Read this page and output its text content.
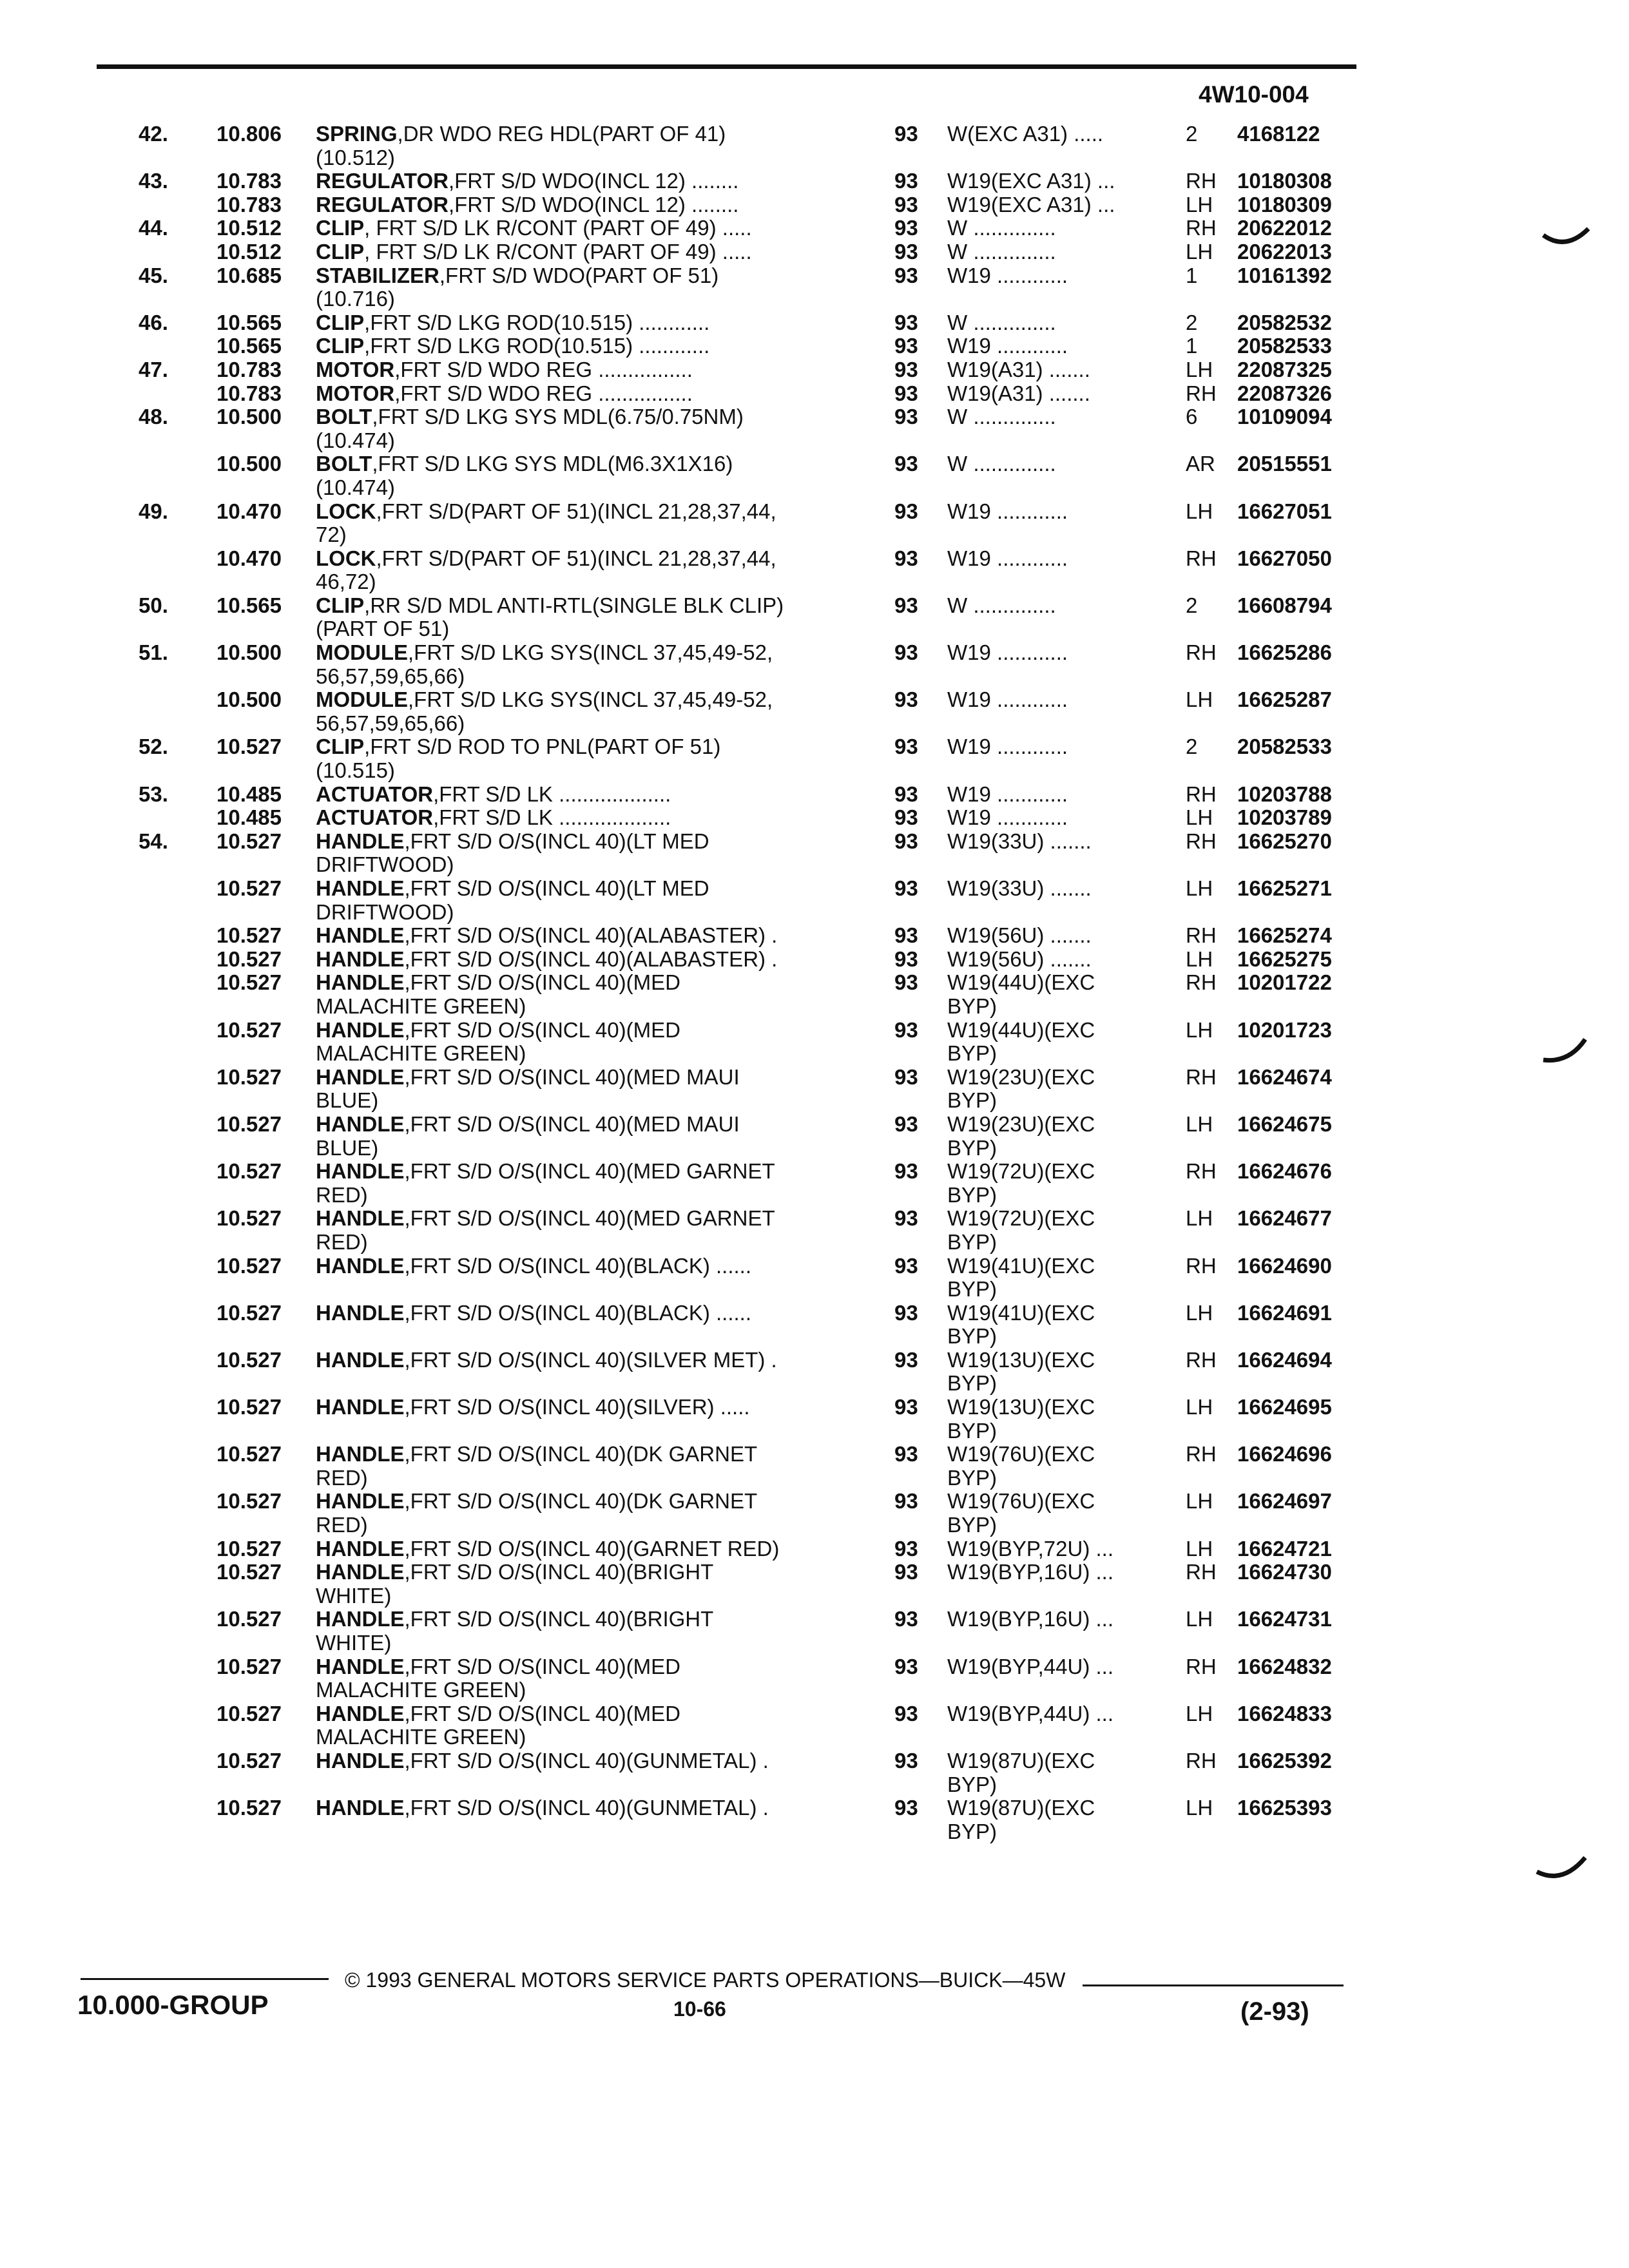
4W10-004
42. 10.806 SPRING ,DR WDO REG HDL(PART OF 41)	93 W(EXC A31) .....	2 4168122
(10.512)
43. 10.783 REGULATOR ,FRT S/D WDO(INCL 12) ........	93 W19(EXC A31) ...	RH 10180308
10.783 REGULATOR ,FRT S/D WDO(INCL 12) ........	93 W19(EXC A31) ...	LH 10180309
44. 10.512 CLIP , FRT S/D LK R/CONT (PART OF 49) .....	93 W ..............	RH 20622012
10.512 CLIP , FRT S/D LK R/CONT (PART OF 49) .....	93 W ..............	LH 20622013
45. 10.685 STABILIZER ,FRT S/D WDO(PART OF 51)	93 W19 ............	1 10161392
(10.716)
46. 10.565 CLIP ,FRT S/D LKG ROD(10.515) ............	93 W ..............	2 20582532
10.565 CLIP ,FRT S/D LKG ROD(10.515) ............	93 W19 ............	1 20582533
47. 10.783 MOTOR ,FRT S/D WDO REG ................	93 W19(A31) .......	LH 22087325
10.783 MOTOR ,FRT S/D WDO REG ................	93 W19(A31) .......	RH 22087326
48. 10.500 BOLT ,FRT S/D LKG SYS MDL(6.75/0.75NM)	93 W ..............	6 10109094
(10.474)
10.500 BOLT ,FRT S/D LKG SYS MDL(M6.3X1X16)	93 W ..............	AR 20515551
(10.474)
49. 10.470 LOCK ,FRT S/D(PART OF 51)(INCL 21,28,37,44,	93 W19 ............	LH 16627051
72)
10.470 LOCK ,FRT S/D(PART OF 51)(INCL 21,28,37,44,	93 W19 ............	RH 16627050
46,72)
50. 10.565 CLIP ,RR S/D MDL ANTI-RTL(SINGLE BLK CLIP)	93 W ..............	2 16608794
(PART OF 51)
51. 10.500 MODULE ,FRT S/D LKG SYS(INCL 37,45,49-52,	93 W19 ............	RH 16625286
56,57,59,65,66)
10.500 MODULE ,FRT S/D LKG SYS(INCL 37,45,49-52,	93 W19 ............	LH 16625287
56,57,59,65,66)
52. 10.527 CLIP ,FRT S/D ROD TO PNL(PART OF 51)	93 W19 ............	2 20582533
(10.515)
53. 10.485 ACTUATOR ,FRT S/D LK ...................	93 W19 ............	RH 10203788
10.485 ACTUATOR ,FRT S/D LK ...................	93 W19 ............	LH 10203789
54. 10.527 HANDLE ,FRT S/D O/S(INCL 40)(LT MED	93 W19(33U) .......	RH 16625270
DRIFTWOOD)
10.527 HANDLE ,FRT S/D O/S(INCL 40)(LT MED	93 W19(33U) .......	LH 16625271
DRIFTWOOD)
10.527 HANDLE ,FRT S/D O/S(INCL 40)(ALABASTER) .	93 W19(56U) .......	RH 16625274
10.527 HANDLE ,FRT S/D O/S(INCL 40)(ALABASTER) .	93 W19(56U) .......	LH 16625275
10.527 HANDLE ,FRT S/D O/S(INCL 40)(MED	93 W19(44U)(EXC	RH 10201722
MALACHITE GREEN)	BYP)
10.527 HANDLE ,FRT S/D O/S(INCL 40)(MED	93 W19(44U)(EXC	LH 10201723
MALACHITE GREEN)	BYP)
10.527 HANDLE ,FRT S/D O/S(INCL 40)(MED MAUI	93 W19(23U)(EXC	RH 16624674
BLUE)	BYP)
10.527 HANDLE ,FRT S/D O/S(INCL 40)(MED MAUI	93 W19(23U)(EXC	LH 16624675
BLUE)	BYP)
10.527 HANDLE ,FRT S/D O/S(INCL 40)(MED GARNET	93 W19(72U)(EXC	RH 16624676
RED)	BYP)
10.527 HANDLE ,FRT S/D O/S(INCL 40)(MED GARNET	93 W19(72U)(EXC	LH 16624677
RED)	BYP)
10.527 HANDLE ,FRT S/D O/S(INCL 40)(BLACK) ......	93 W19(41U)(EXC	RH 16624690
BYP)
10.527 HANDLE ,FRT S/D O/S(INCL 40)(BLACK) ......	93 W19(41U)(EXC	LH 16624691
BYP)
10.527 HANDLE ,FRT S/D O/S(INCL 40)(SILVER MET) .	93 W19(13U)(EXC	RH 16624694
BYP)
10.527 HANDLE ,FRT S/D O/S(INCL 40)(SILVER) .....	93 W19(13U)(EXC	LH 16624695
BYP)
10.527 HANDLE ,FRT S/D O/S(INCL 40)(DK GARNET	93 W19(76U)(EXC	RH 16624696
RED)	BYP)
10.527 HANDLE ,FRT S/D O/S(INCL 40)(DK GARNET	93 W19(76U)(EXC	LH 16624697
RED)	BYP)
10.527 HANDLE ,FRT S/D O/S(INCL 40)(GARNET RED)	93 W19(BYP,72U) ...	LH 16624721
10.527 HANDLE ,FRT S/D O/S(INCL 40)(BRIGHT	93 W19(BYP,16U) ...	RH 16624730
WHITE)
10.527 HANDLE ,FRT S/D O/S(INCL 40)(BRIGHT	93 W19(BYP,16U) ...	LH 16624731
WHITE)
10.527 HANDLE ,FRT S/D O/S(INCL 40)(MED	93 W19(BYP,44U) ...	RH 16624832
MALACHITE GREEN)
10.527 HANDLE ,FRT S/D O/S(INCL 40)(MED	93 W19(BYP,44U) ...	LH 16624833
MALACHITE GREEN)
10.527 HANDLE ,FRT S/D O/S(INCL 40)(GUNMETAL) .	93 W19(87U)(EXC	RH 16625392
BYP)
10.527 HANDLE ,FRT S/D O/S(INCL 40)(GUNMETAL) .	93 W19(87U)(EXC	LH 16625393
BYP)
© 1993 GENERAL MOTORS SERVICE PARTS OPERATIONS—BUICK—45W
10.000-GROUP	10-66	(2-93)
